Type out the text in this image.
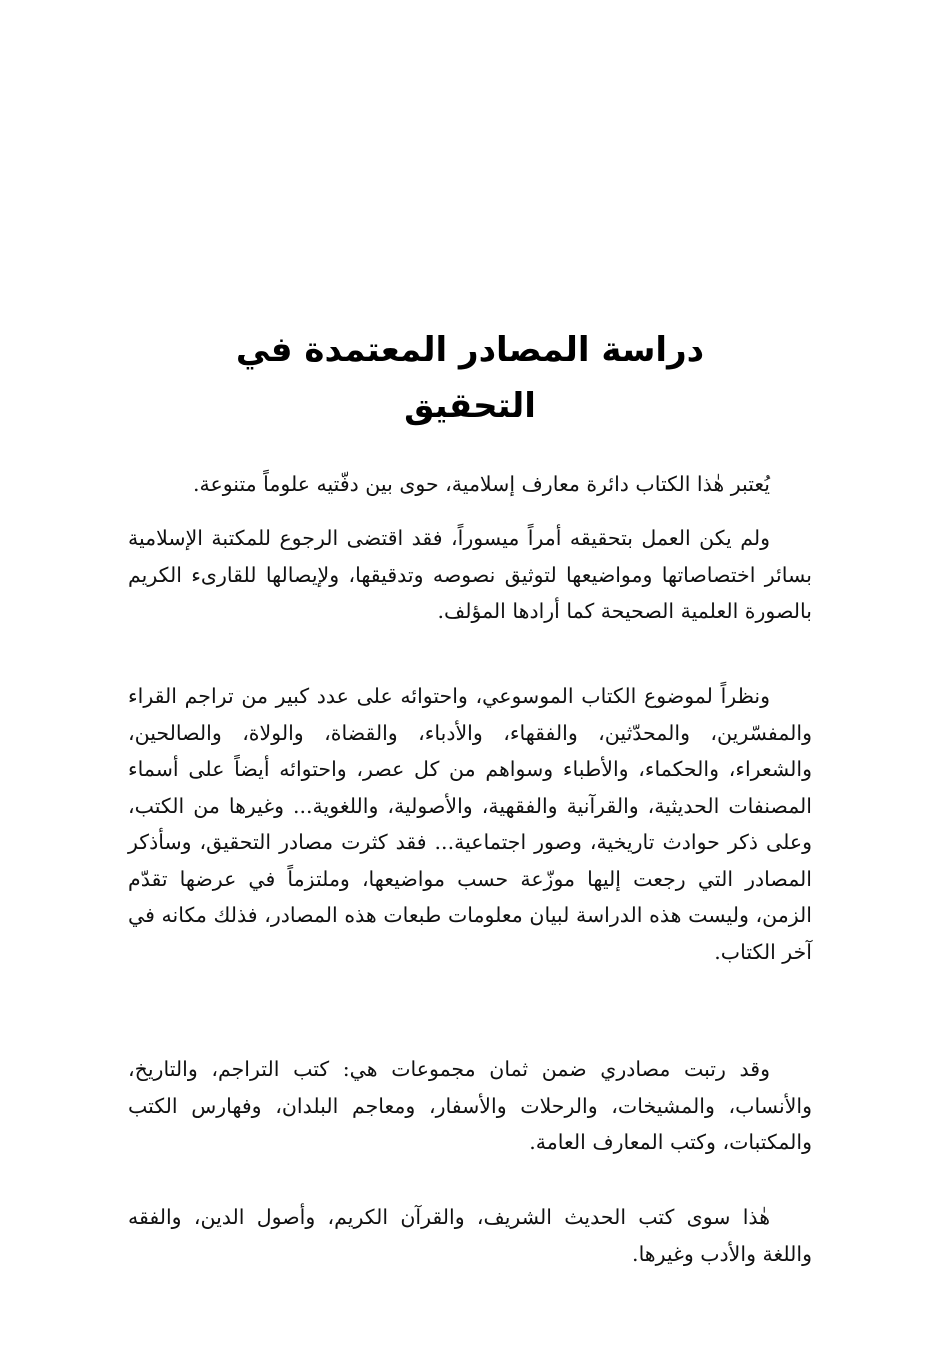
دراسة المصادر المعتمدة في التحقيق

يُعتبر هٰذا الكتاب دائرة معارف إسلامية، حوى بين دفّتيه علوماً متنوعة.

ولم يكن العمل بتحقيقه أمراً ميسوراً، فقد اقتضى الرجوع للمكتبة الإسلامية بسائر اختصاصاتها ومواضيعها لتوثيق نصوصه وتدقيقها، ولإيصالها للقارىء الكريم بالصورة العلمية الصحيحة كما أرادها المؤلف.

ونظراً لموضوع الكتاب الموسوعي، واحتوائه على عدد كبير من تراجم القراء والمفسّرين، والمحدّثين، والفقهاء، والأدباء، والقضاة، والولاة، والصالحين، والشعراء، والحكماء، والأطباء وسواهم من كل عصر، واحتوائه أيضاً على أسماء المصنفات الحديثية، والقرآنية والفقهية، والأصولية، واللغوية... وغيرها من الكتب، وعلى ذكر حوادث تاريخية، وصور اجتماعية... فقد كثرت مصادر التحقيق، وسأذكر المصادر التي رجعت إليها موزّعة حسب مواضيعها، وملتزماً في عرضها تقدّم الزمن، وليست هذه الدراسة لبيان معلومات طبعات هذه المصادر، فذلك مكانه في آخر الكتاب.

وقد رتبت مصادري ضمن ثمان مجموعات هي: كتب التراجم، والتاريخ، والأنساب، والمشيخات، والرحلات والأسفار، ومعاجم البلدان، وفهارس الكتب والمكتبات، وكتب المعارف العامة.

هٰذا سوى كتب الحديث الشريف، والقرآن الكريم، وأصول الدين، والفقه واللغة والأدب وغيرها.
